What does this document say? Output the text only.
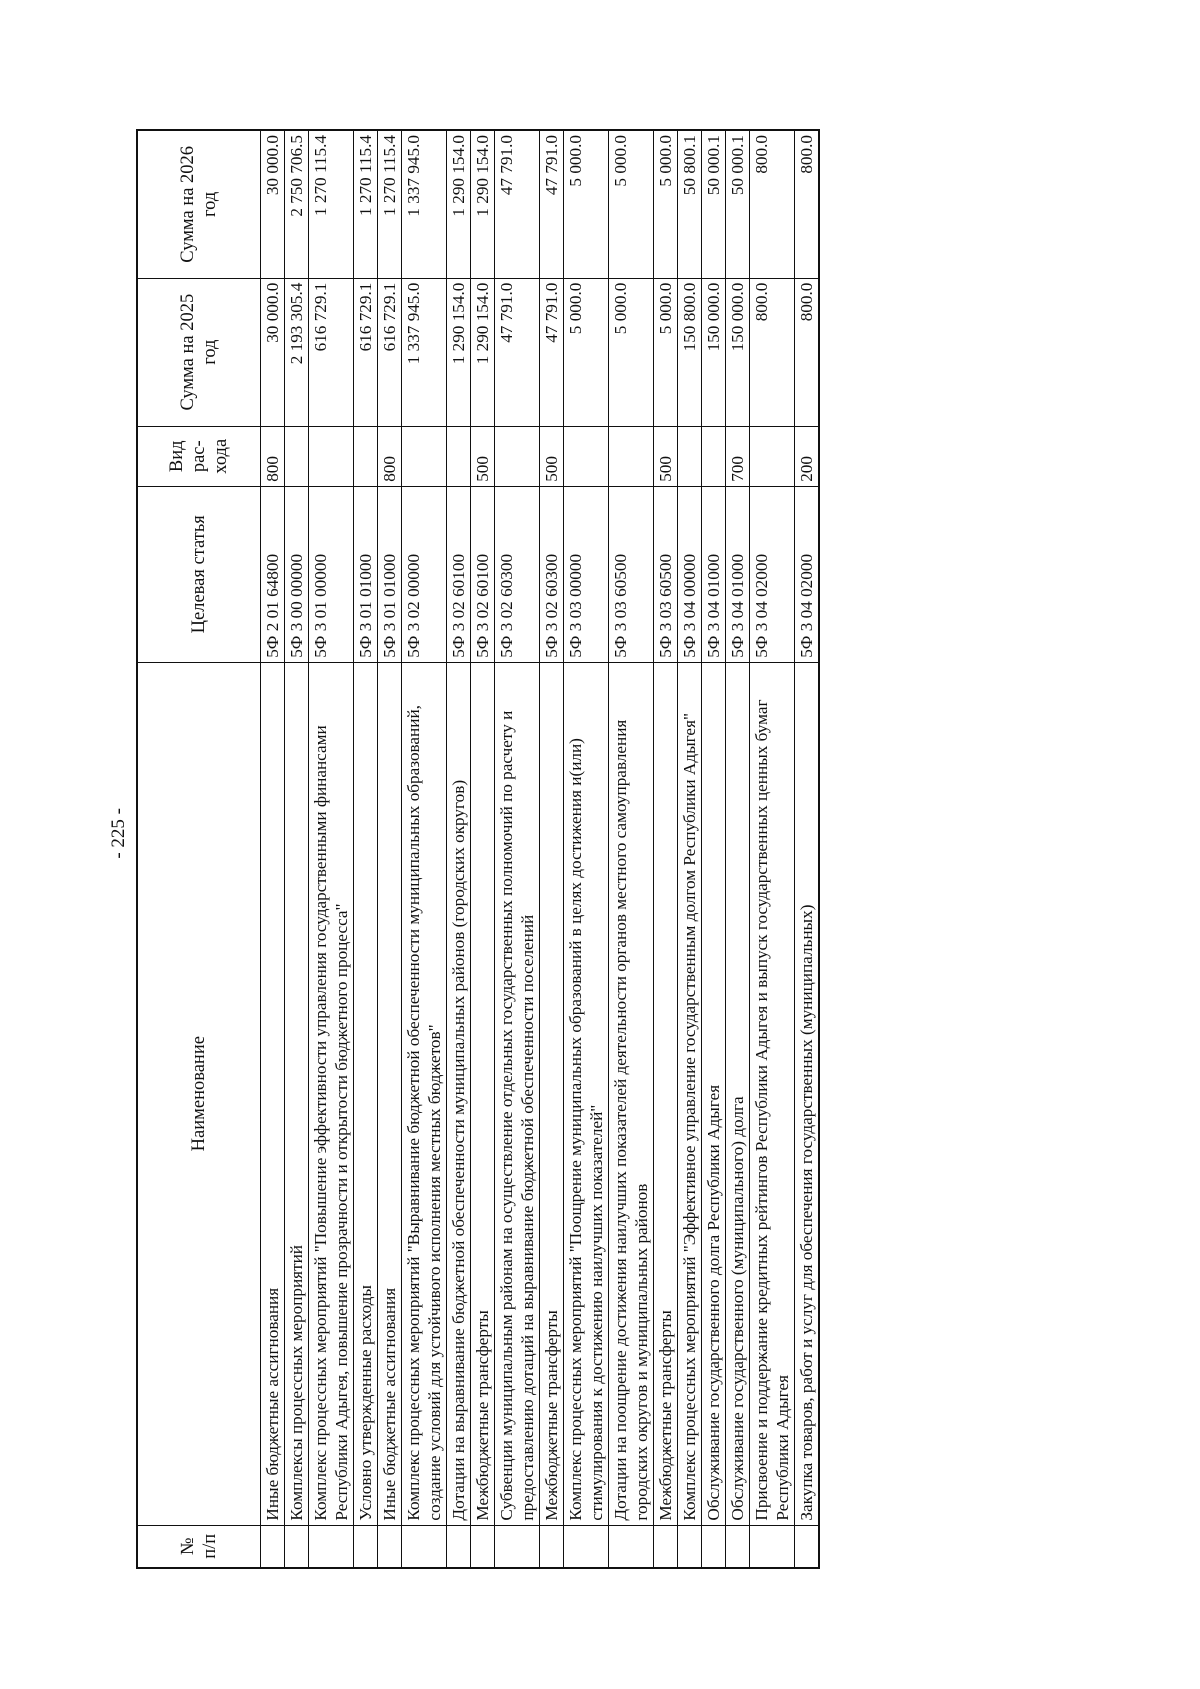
- 225 -
№ п/п	Наименование	Целевая статья	Вид рас-хода	Сумма на 2025 год	Сумма на 2026 год
	Иные бюджетные ассигнования	5Ф 2 01 64800	800	30 000.0	30 000.0
	Комплексы процессных мероприятий	5Ф 3 00 00000		2 193 305.4	2 750 706.5
	Комплекс процессных мероприятий "Повышение эффективности управления государственными финансами Республики Адыгея, повышение прозрачности и открытости бюджетного процесса"	5Ф 3 01 00000		616 729.1	1 270 115.4
	Условно утвержденные расходы	5Ф 3 01 01000		616 729.1	1 270 115.4
	Иные бюджетные ассигнования	5Ф 3 01 01000	800	616 729.1	1 270 115.4
	Комплекс процессных мероприятий "Выравнивание бюджетной обеспеченности муниципальных образований, создание условий для устойчивого исполнения местных бюджетов"	5Ф 3 02 00000		1 337 945.0	1 337 945.0
	Дотации на выравнивание бюджетной обеспеченности муниципальных районов (городских округов)	5Ф 3 02 60100		1 290 154.0	1 290 154.0
	Межбюджетные трансферты	5Ф 3 02 60100	500	1 290 154.0	1 290 154.0
	Субвенции муниципальным районам на осуществление отдельных государственных полномочий по расчету и предоставлению дотаций на выравнивание бюджетной обеспеченности поселений	5Ф 3 02 60300		47 791.0	47 791.0
	Межбюджетные трансферты	5Ф 3 02 60300	500	47 791.0	47 791.0
	Комплекс процессных мероприятий "Поощрение муниципальных образований в целях достижения и(или) стимулирования к достижению наилучших показателей"	5Ф 3 03 00000		5 000.0	5 000.0
	Дотации на поощрение достижения наилучших показателей деятельности органов местного самоуправления городских округов и муниципальных районов	5Ф 3 03 60500		5 000.0	5 000.0
	Межбюджетные трансферты	5Ф 3 03 60500	500	5 000.0	5 000.0
	Комплекс процессных мероприятий "Эффективное управление государственным долгом Республики Адыгея"	5Ф 3 04 00000		150 800.0	50 800.1
	Обслуживание государственного долга Республики Адыгея	5Ф 3 04 01000		150 000.0	50 000.1
	Обслуживание государственного (муниципального) долга	5Ф 3 04 01000	700	150 000.0	50 000.1
	Присвоение и поддержание кредитных рейтингов Республики Адыгея и выпуск государственных ценных бумаг Республики Адыгея	5Ф 3 04 02000		800.0	800.0
	Закупка товаров, работ и услуг для обеспечения государственных (муниципальных)	5Ф 3 04 02000	200	800.0	800.0
